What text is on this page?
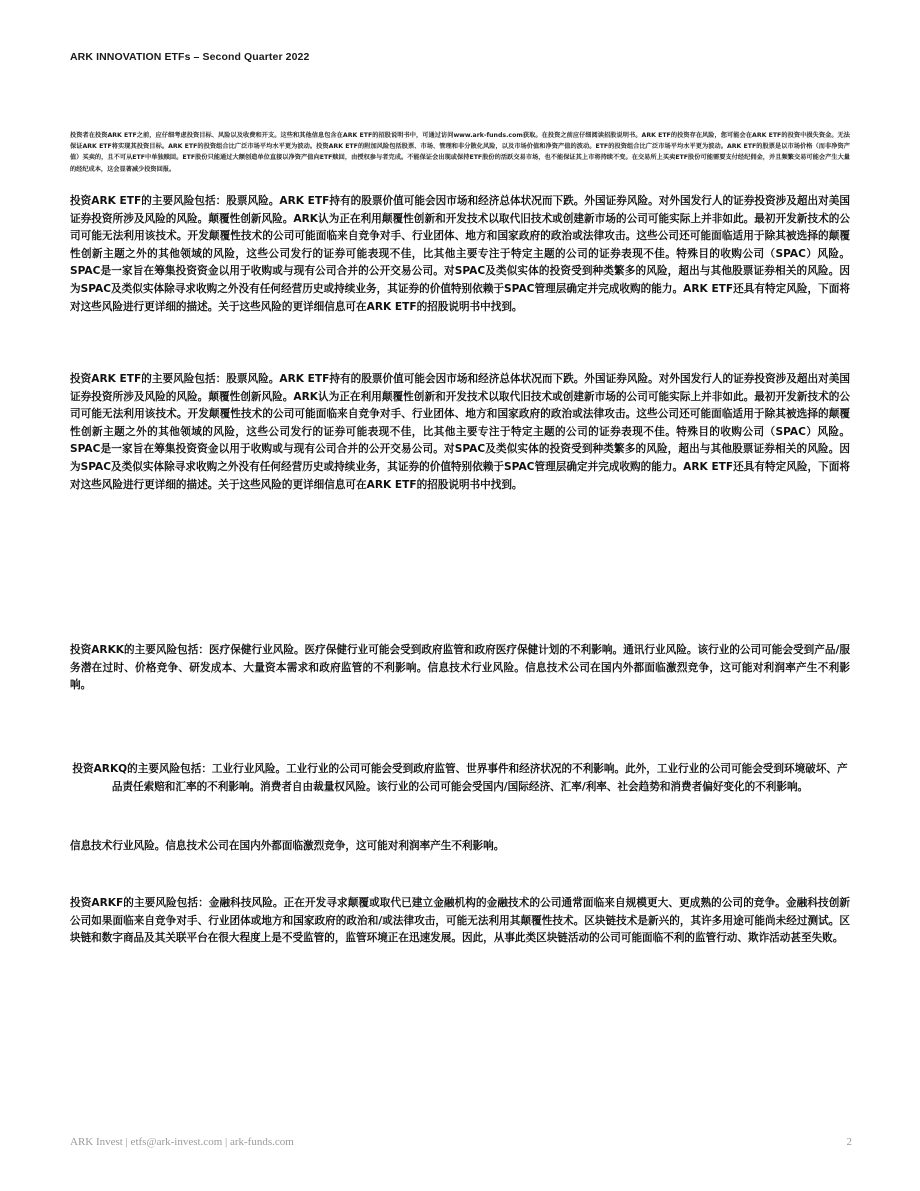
ARK INNOVATION ETFs – Second Quarter 2022
投资者在投资ARK ETF之前，应仔细考虑投资目标、风险以及收费和开支。这些和其他信息包含在ARK ETF的招股说明书中，可通过访问www.ark-funds.com获取。在投资之前应仔细阅读招股说明书。ARK ETF的投资存在风险，您可能会在ARK ETF的投资中损失资金。无法保证ARK ETF将实现其投资目标。ARK ETF的投资组合比广泛市场平均水平更为波动。投资ARK ETF的附加风险包括股票、市场、管理和非分散化风险，以及市场价值和净资产值的波动。ETF的投资组合比广泛市场平均水平更为波动。ARK ETF的股票是以市场价格（而非净资产值）买卖的，且不可从ETF中单独赎回。ETF股份只能通过大额创造单位直接以净资产值向ETF赎回，由授权参与者完成。不能保证会出现或保持ETF股份的活跃交易市场，也不能保证其上市将持续不变。在交易所上买卖ETF股份可能需要支付经纪佣金，并且频繁交易可能会产生大量的经纪成本，这会显著减少投资回报。
投资ARK ETF的主要风险包括：股票风险。ARK ETF持有的股票价值可能会因市场和经济总体状况而下跌。外国证券风险。对外国发行人的证券投资涉及超出对美国证券投资所涉及风险的风险。颠覆性创新风险。ARK认为正在利用颠覆性创新和开发技术以取代旧技术或创建新市场的公司可能实际上并非如此。最初开发新技术的公司可能无法利用该技术。开发颠覆性技术的公司可能面临来自竞争对手、行业团体、地方和国家政府的政治或法律攻击。这些公司还可能面临适用于除其被选择的颠覆性创新主题之外的其他领域的风险，这些公司发行的证券可能表现不佳，比其他主要专注于特定主题的公司的证券表现不佳。特殊目的收购公司（SPAC）风险。SPAC是一家旨在筹集投资资金以用于收购或与现有公司合并的公开交易公司。对SPAC及类似实体的投资受到种类繁多的风险，超出与其他股票证券相关的风险。因为SPAC及类似实体除寻求收购之外没有任何经营历史或持续业务，其证券的价值特别依赖于SPAC管理层确定并完成收购的能力。ARK ETF还具有特定风险，下面将对这些风险进行更详细的描述。关于这些风险的更详细信息可在ARK ETF的招股说明书中找到。
投资ARK ETF的主要风险包括：股票风险。ARK ETF持有的股票价值可能会因市场和经济总体状况而下跌。外国证券风险。对外国发行人的证券投资涉及超出对美国证券投资所涉及风险的风险。颠覆性创新风险。ARK认为正在利用颠覆性创新和开发技术以取代旧技术或创建新市场的公司可能实际上并非如此。最初开发新技术的公司可能无法利用该技术。开发颠覆性技术的公司可能面临来自竞争对手、行业团体、地方和国家政府的政治或法律攻击。这些公司还可能面临适用于除其被选择的颠覆性创新主题之外的其他领域的风险，这些公司发行的证券可能表现不佳，比其他主要专注于特定主题的公司的证券表现不佳。特殊目的收购公司（SPAC）风险。SPAC是一家旨在筹集投资资金以用于收购或与现有公司合并的公开交易公司。对SPAC及类似实体的投资受到种类繁多的风险，超出与其他股票证券相关的风险。因为SPAC及类似实体除寻求收购之外没有任何经营历史或持续业务，其证券的价值特别依赖于SPAC管理层确定并完成收购的能力。ARK ETF还具有特定风险，下面将对这些风险进行更详细的描述。关于这些风险的更详细信息可在ARK ETF的招股说明书中找到。
投资ARKK的主要风险包括：医疗保健行业风险。医疗保健行业可能会受到政府监管和政府医疗保健计划的不利影响。通讯行业风险。该行业的公司可能会受到产品/服务潜在过时、价格竞争、研发成本、大量资本需求和政府监管的不利影响。信息技术行业风险。信息技术公司在国内外都面临激烈竞争，这可能对利润率产生不利影响。
投资ARKQ的主要风险包括：工业行业风险。工业行业的公司可能会受到政府监管、世界事件和经济状况的不利影响。此外，工业行业的公司可能会受到环境破坏、产品责任索赔和汇率的不利影响。消费者自由裁量权风险。该行业的公司可能会受国内/国际经济、汇率/利率、社会趋势和消费者偏好变化的不利影响。
信息技术行业风险。信息技术公司在国内外都面临激烈竞争，这可能对利润率产生不利影响。
投资ARKF的主要风险包括：金融科技风险。正在开发寻求颠覆或取代已建立金融机构的金融技术的公司通常面临来自规模更大、更成熟的公司的竞争。金融科技创新公司如果面临来自竞争对手、行业团体或地方和国家政府的政治和/或法律攻击，可能无法利用其颠覆性技术。区块链技术是新兴的，其许多用途可能尚未经过测试。区块链和数字商品及其关联平台在很大程度上是不受监管的，监管环境正在迅速发展。因此，从事此类区块链活动的公司可能面临不利的监管行动、欺诈活动甚至失败。
ARK Invest | etfs@ark-invest.com | ark-funds.com	2
